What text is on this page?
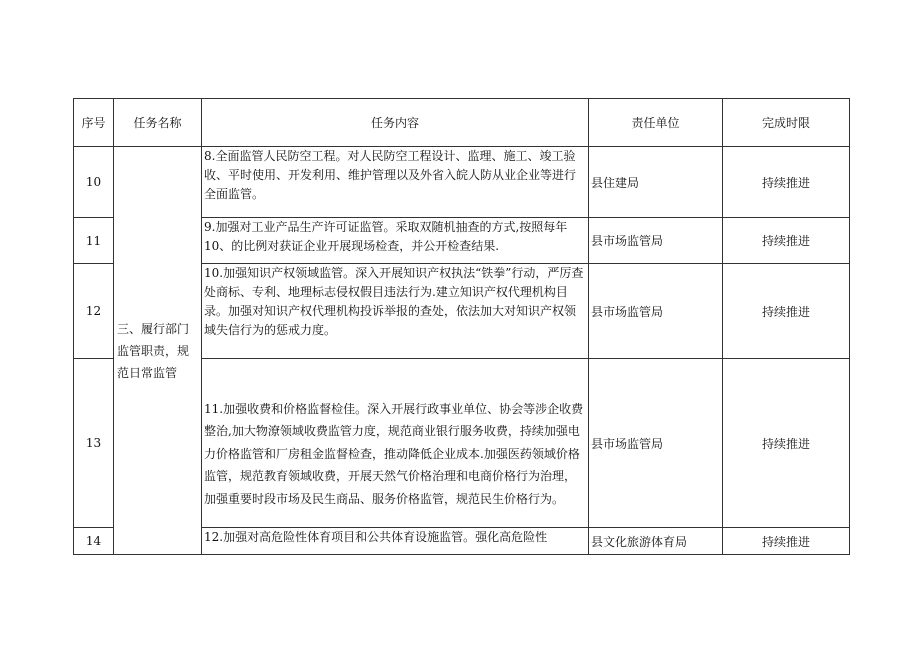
序号	任务名称	任务内容	责任单位	完成时限
10	三、履行部门监管职责，规范日常监管	8.全面监管人民防空工程。对人民防空工程设计、监理、施工、竣工验收、平时使用、开发利用、维护管理以及外省入皖人防从业企业等进行全面监管。	县住建局	持续推进
11		9.加强对工业产品生产许可证监管。采取双随机抽查的方式,按照每年10、的比例对获证企业开展现场检查，并公开检查结果.	县市场监管局	持续推进
12		10.加强知识产权领域监管。深入开展知识产权执法“铁拳”行动，严厉查处商标、专利、地理标志侵权假目违法行为.建立知识产权代理机构目录。加强对知识产权代理机构投诉举报的查处，依法加大对知识产权领域失信行为的惩戒力度。	县市场监管局	持续推进
13		11.加强收费和价格监督检佳。深入开展行政事业单位、协会等涉企收费整治,加大物潦领域收费监管力度，规范商业银行服务收费，持续加强电力价格监管和厂房租金监督检查，推动降低企业成本.加强医药领域价格监管，规范教育领域收费，开展天然气价格治理和电商价格行为治理，加强重要时段市场及民生商品、服务价格监管，规范民生价格行为。	县市场监管局	持续推进
14		12.加强对高危险性体育项目和公共体育设施监管。强化高危险性	县文化旅游体育局	持续推进
